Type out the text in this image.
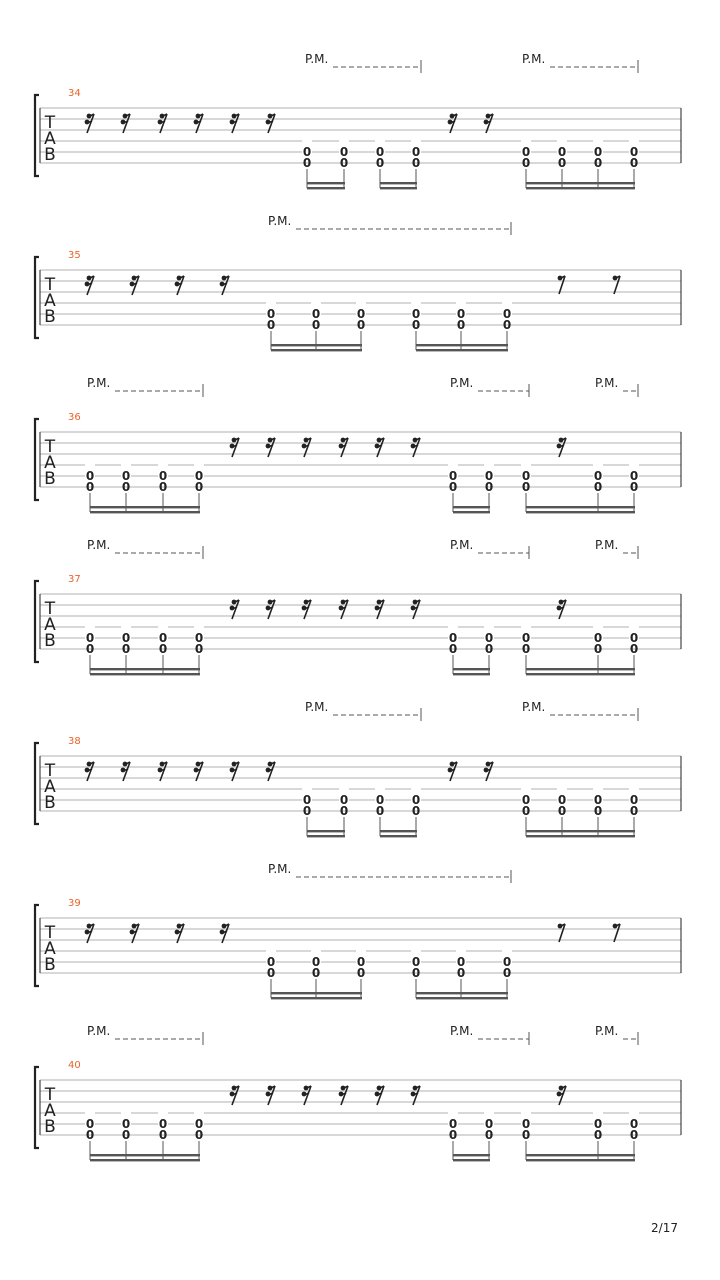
T
A
B
34
P.M.	P.M.
0
0
0
0
0
0
0
0
0
0
0
0
0
0
0
0
T
A
B
35
P.M.
0
0
0
0
0
0
0
0
0
0
0
0
T
A
B
36
P.M.	P.M.	P.M.
0
0
0
0
0
0
0
0
0
0
0
0
0
0
0
0
0
0
T
A
B
37
P.M.	P.M.	P.M.
0
0
0
0
0
0
0
0
0
0
0
0
0
0
0
0
0
0
T
A
B
38
P.M.	P.M.
0
0
0
0
0
0
0
0
0
0
0
0
0
0
0
0
T
A
B
39
P.M.
0
0
0
0
0
0
0
0
0
0
0
0
T
A
B
40
P.M.	P.M.	P.M.
0
0
0
0
0
0
0
0
0
0
0
0
0
0
0
0
0
0
2/17
